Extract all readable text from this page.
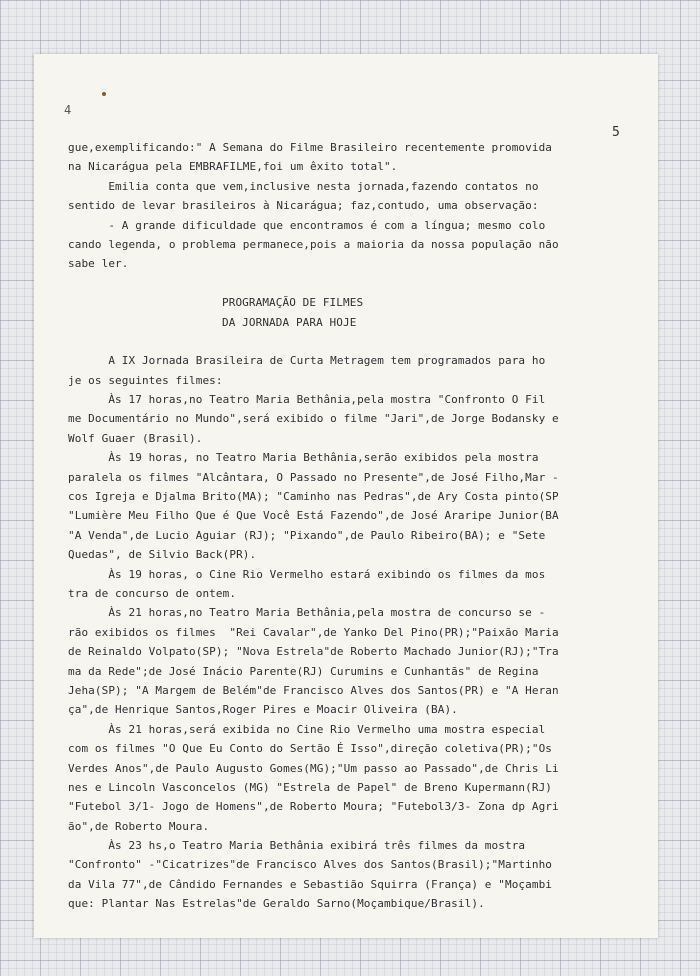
4
5
gue,exemplificando:" A Semana do Filme Brasileiro recentemente promovida
na Nicarágua pela EMBRAFILME,foi um êxito total".
Emilia conta que vem,inclusive nesta jornada,fazendo contatos no
sentido de levar brasileiros à Nicarágua; faz,contudo, uma observação:
- A grande dificuldade que encontramos é com a língua; mesmo colo
cando legenda, o problema permanece,pois a maioria da nossa população não
sabe ler.
PROGRAMAÇÃO DE FILMES
DA JORNADA PARA HOJE
A IX Jornada Brasileira de Curta Metragem tem programados para ho
je os seguintes filmes:
Às 17 horas,no Teatro Maria Bethânia,pela mostra "Confronto O Fil
me Documentário no Mundo",será exibido o filme "Jari",de Jorge Bodansky e
Wolf Guaer (Brasil).
Às 19 horas, no Teatro Maria Bethânia,serão exibidos pela mostra
paralela os filmes "Alcântara, O Passado no Presente",de José Filho,Mar -
cos Igreja e Djalma Brito(MA); "Caminho nas Pedras",de Ary Costa pinto(SP
"Lumière Meu Filho Que é Que Você Está Fazendo",de José Araripe Junior(BA
"A Venda",de Lucio Aguiar (RJ); "Pixando",de Paulo Ribeiro(BA); e "Sete
Quedas", de Silvio Back(PR).
Às 19 horas, o Cine Rio Vermelho estará exibindo os filmes da mos
tra de concurso de ontem.
Às 21 horas,no Teatro Maria Bethânia,pela mostra de concurso se -
rão exibidos os filmes  "Rei Cavalar",de Yanko Del Pino(PR);"Paixão Maria
de Reinaldo Volpato(SP); "Nova Estrela"de Roberto Machado Junior(RJ);"Tra
ma da Rede";de José Inácio Parente(RJ) Curumins e Cunhantãs" de Regina
Jeha(SP); "A Margem de Belém"de Francisco Alves dos Santos(PR) e "A Heran
ça",de Henrique Santos,Roger Pires e Moacir Oliveira (BA).
Às 21 horas,será exibida no Cine Rio Vermelho uma mostra especial
com os filmes "O Que Eu Conto do Sertão É Isso",direção coletiva(PR);"Os
Verdes Anos",de Paulo Augusto Gomes(MG);"Um passo ao Passado",de Chris Li
nes e Lincoln Vasconcelos (MG) "Estrela de Papel" de Breno Kupermann(RJ)
"Futebol 3/1- Jogo de Homens",de Roberto Moura; "Futebol3/3- Zona dp Agri
ão",de Roberto Moura.
Às 23 hs,o Teatro Maria Bethânia exibirá três filmes da mostra
"Confronto" -"Cicatrizes"de Francisco Alves dos Santos(Brasil);"Martinho
da Vila 77",de Cândido Fernandes e Sebastião Squirra (França) e "Moçambi
que: Plantar Nas Estrelas"de Geraldo Sarno(Moçambique/Brasil).
